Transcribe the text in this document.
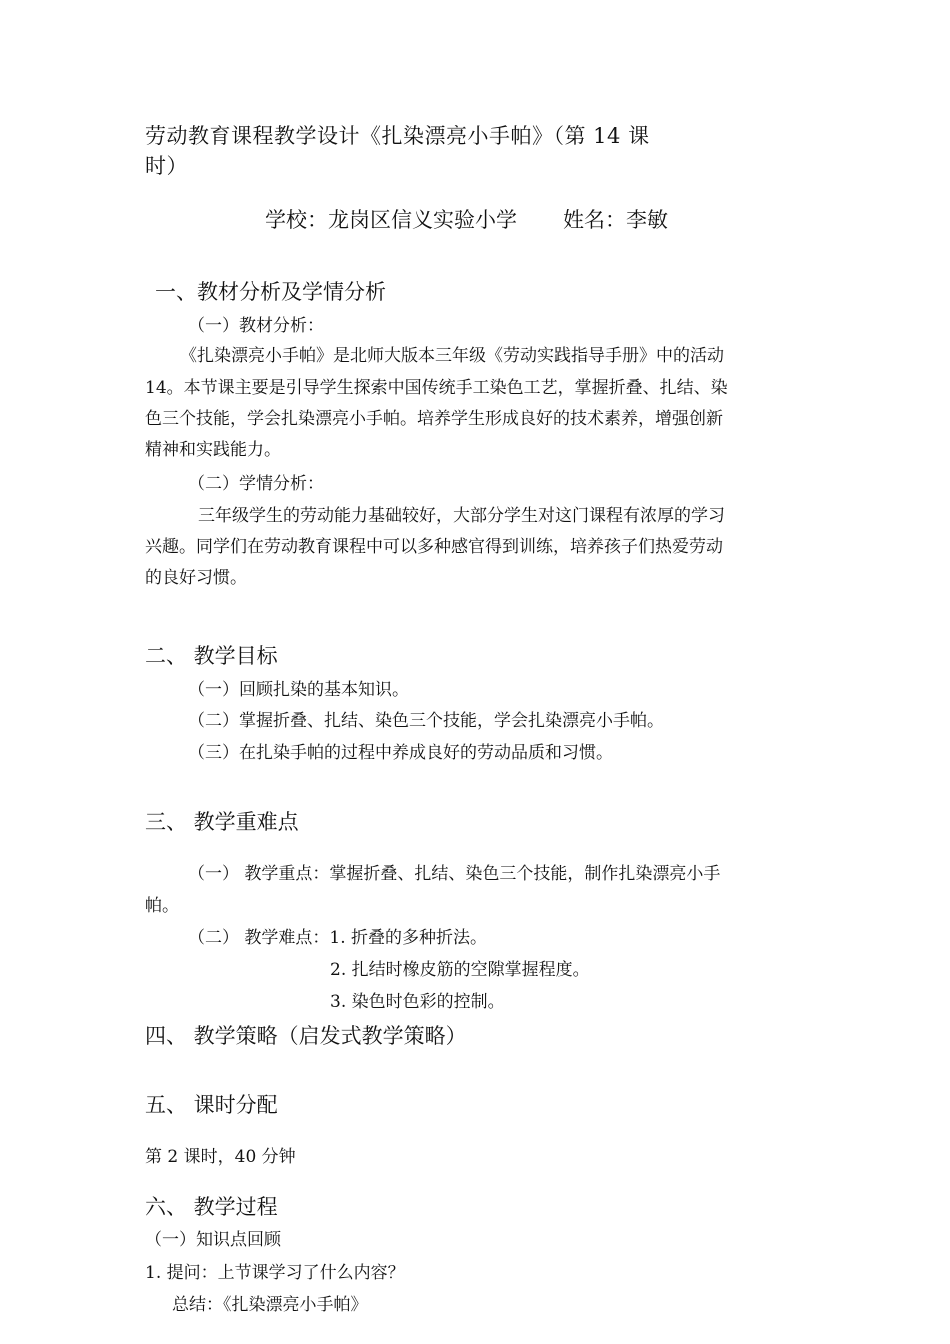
劳动教育课程教学设计《扎染漂亮小手帕》（第 14 课
时）
学校：龙岗区信义实验小学 姓名：李敏
一、教材分析及学情分析
（一）教材分析：
《扎染漂亮小手帕》是北师大版本三年级《劳动实践指导手册》中的活动
14。本节课主要是引导学生探索中国传统手工染色工艺，掌握折叠、扎结、染
色三个技能，学会扎染漂亮小手帕。培养学生形成良好的技术素养，增强创新
精神和实践能力。
（二）学情分析：
三年级学生的劳动能力基础较好，大部分学生对这门课程有浓厚的学习
兴趣。同学们在劳动教育课程中可以多种感官得到训练，培养孩子们热爱劳动
的良好习惯。
二、 教学目标
（一）回顾扎染的基本知识。
（二）掌握折叠、扎结、染色三个技能，学会扎染漂亮小手帕。
（三）在扎染手帕的过程中养成良好的劳动品质和习惯。
三、 教学重难点
（一） 教学重点：掌握折叠、扎结、染色三个技能，制作扎染漂亮小手
帕。
（二） 教学难点：1. 折叠的多种折法。
2. 扎结时橡皮筋的空隙掌握程度。
3. 染色时色彩的控制。
四、 教学策略（启发式教学策略）
五、 课时分配
第 2 课时，40 分钟
六、 教学过程
（一）知识点回顾
1. 提问：上节课学习了什么内容？
总结：《扎染漂亮小手帕》
